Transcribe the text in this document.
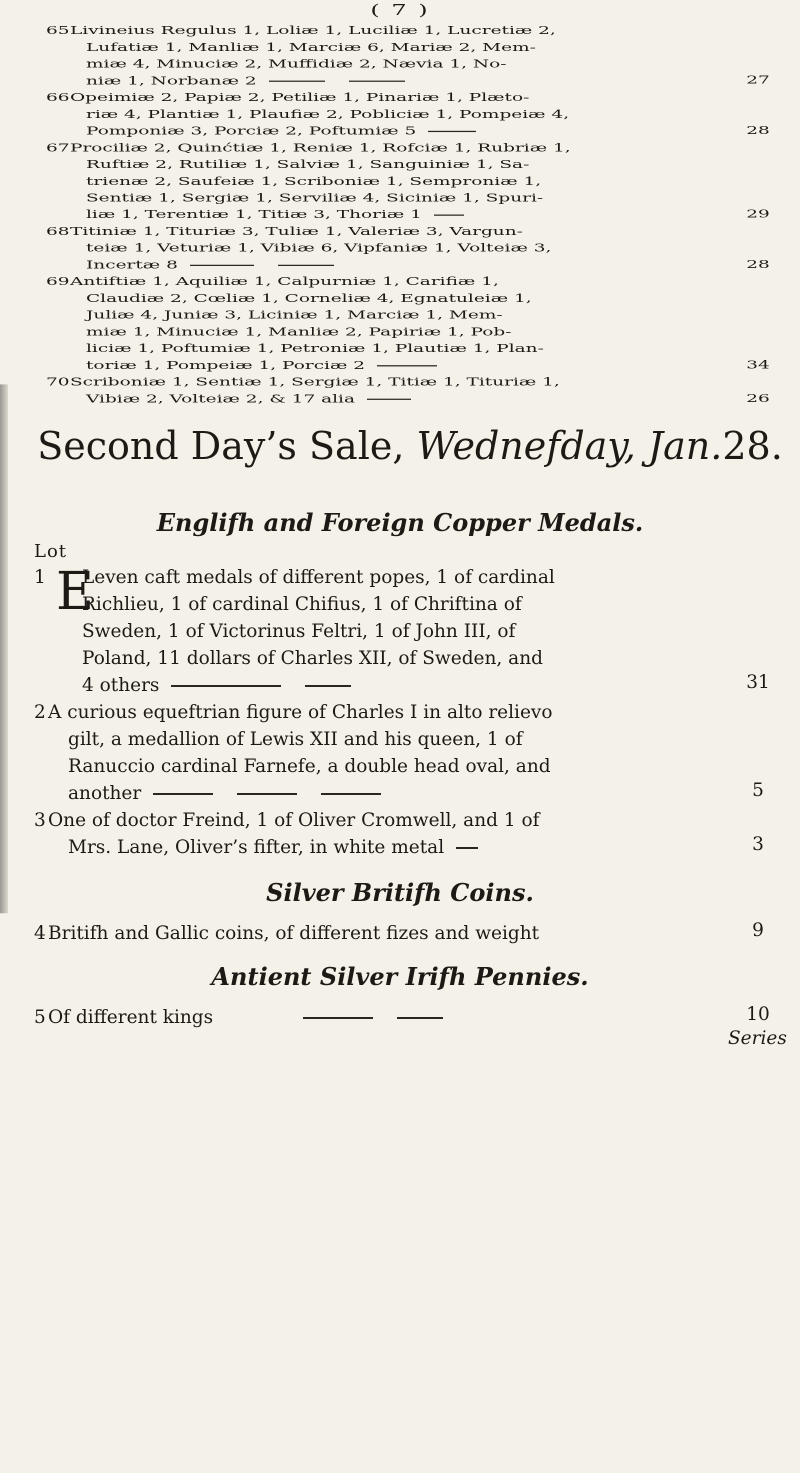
( 7 )
65 Livineius Regulus 1, Loliæ 1, Luciliæ 1, Lucretiæ 2,
Lufatiæ 1, Manliæ 1, Marciæ 6, Mariæ 2, Mem-
miæ 4, Minuciæ 2, Muffidiæ 2, Nævia 1, No-
niæ 1, Norbanæ 2	27
66 Opeimiæ 2, Papiæ 2, Petiliæ 1, Pinariæ 1, Plæto-
riæ 4, Plantiæ 1, Plaufiæ 2, Pobliciæ 1, Pompeiæ 4,
Pomponiæ 3, Porciæ 2, Poftumiæ 5	28
67 Prociliæ 2, Quinćtiæ 1, Reniæ 1, Rofciæ 1, Rubriæ 1,
Ruftiæ 2, Rutiliæ 1, Salviæ 1, Sanguiniæ 1, Sa-
trienæ 2, Saufeiæ 1, Scriboniæ 1, Semproniæ 1,
Sentiæ 1, Sergiæ 1, Serviliæ 4, Siciniæ 1, Spuri-
liæ 1, Terentiæ 1, Titiæ 3, Thoriæ 1	29
68 Titiniæ 1, Tituriæ 3, Tuliæ 1, Valeriæ 3, Vargun-
teiæ 1, Veturiæ 1, Vibiæ 6, Vipfaniæ 1, Volteiæ 3,
Incertæ 8	28
69 Antiftiæ 1, Aquiliæ 1, Calpurniæ 1, Carifiæ 1,
Claudiæ 2, Cœliæ 1, Corneliæ 4, Egnatuleiæ 1,
Juliæ 4, Juniæ 3, Liciniæ 1, Marciæ 1, Mem-
miæ 1, Minuciæ 1, Manliæ 2, Papiriæ 1, Pob-
liciæ 1, Poftumiæ 1, Petroniæ 1, Plautiæ 1, Plan-
toriæ 1, Pompeiæ 1, Porciæ 2	34
70 Scriboniæ 1, Sentiæ 1, Sergiæ 1, Titiæ 1, Tituriæ 1,
Vibiæ 2, Volteiæ 2, & 17 alia	26
Second Day’s Sale, Wednefday, Jan.28.
Englifh and Foreign Copper Medals.
Lot
1 E
Leven caft medals of different popes, 1 of cardinal
Richlieu, 1 of cardinal Chifius, 1 of Chriftina of
Sweden, 1 of Victorinus Feltri, 1 of John III, of
Poland, 11 dollars of Charles XII, of Sweden, and
4 others	31
2 A curious equeftrian figure of Charles I in alto relievo
gilt, a medallion of Lewis XII and his queen, 1 of
Ranuccio cardinal Farnefe, a double head oval, and
another	5
3 One of doctor Freind, 1 of Oliver Cromwell, and 1 of
Mrs. Lane, Oliver’s fifter, in white metal	3
Silver Britifh Coins.
4 Britifh and Gallic coins, of different fizes and weight	9
Antient Silver Irifh Pennies.
5 Of different kings	10
Series
